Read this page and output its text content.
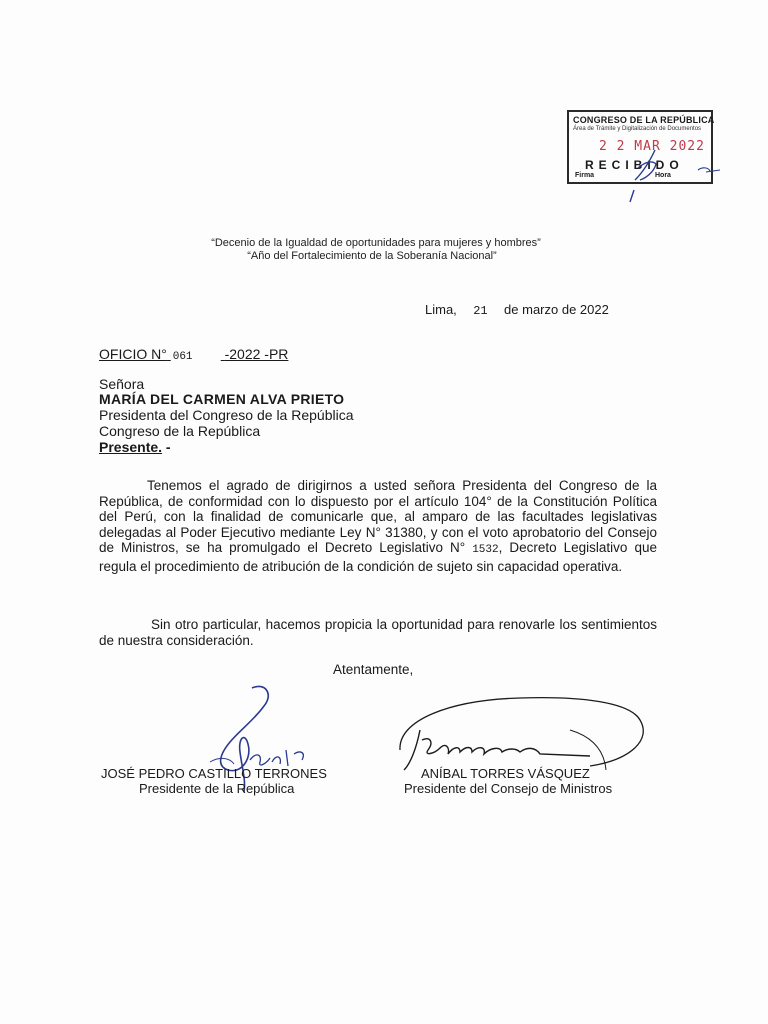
CONGRESO DE LA REPÚBLICA
Área de Trámite y Digitalización de Documentos
2 2 MAR 2022
RECIBIDO
Firma	Hora
“Decenio de la Igualdad de oportunidades para mujeres y hombres”
“Año del Fortalecimiento de la Soberanía Nacional”
Lima, 21 de marzo de 2022
OFICIO N° 061 -2022 -PR
Señora
MARÍA DEL CARMEN ALVA PRIETO
Presidenta del Congreso de la República
Congreso de la República
Presente. -

Tenemos el agrado de dirigirnos a usted señora Presidenta del Congreso de la República, de conformidad con lo dispuesto por el artículo 104° de la Constitución Política del Perú, con la finalidad de comunicarle que, al amparo de las facultades legislativas delegadas al Poder Ejecutivo mediante Ley N° 31380, y con el voto aprobatorio del Consejo de Ministros, se ha promulgado el Decreto Legislativo N° 1532, Decreto Legislativo que regula el procedimiento de atribución de la condición de sujeto sin capacidad operativa.

Sin otro particular, hacemos propicia la oportunidad para renovarle los sentimientos de nuestra consideración.

Atentamente,
JOSÉ PEDRO CASTILLO TERRONES
Presidente de la República
ANÍBAL TORRES VÁSQUEZ
Presidente del Consejo de Ministros
